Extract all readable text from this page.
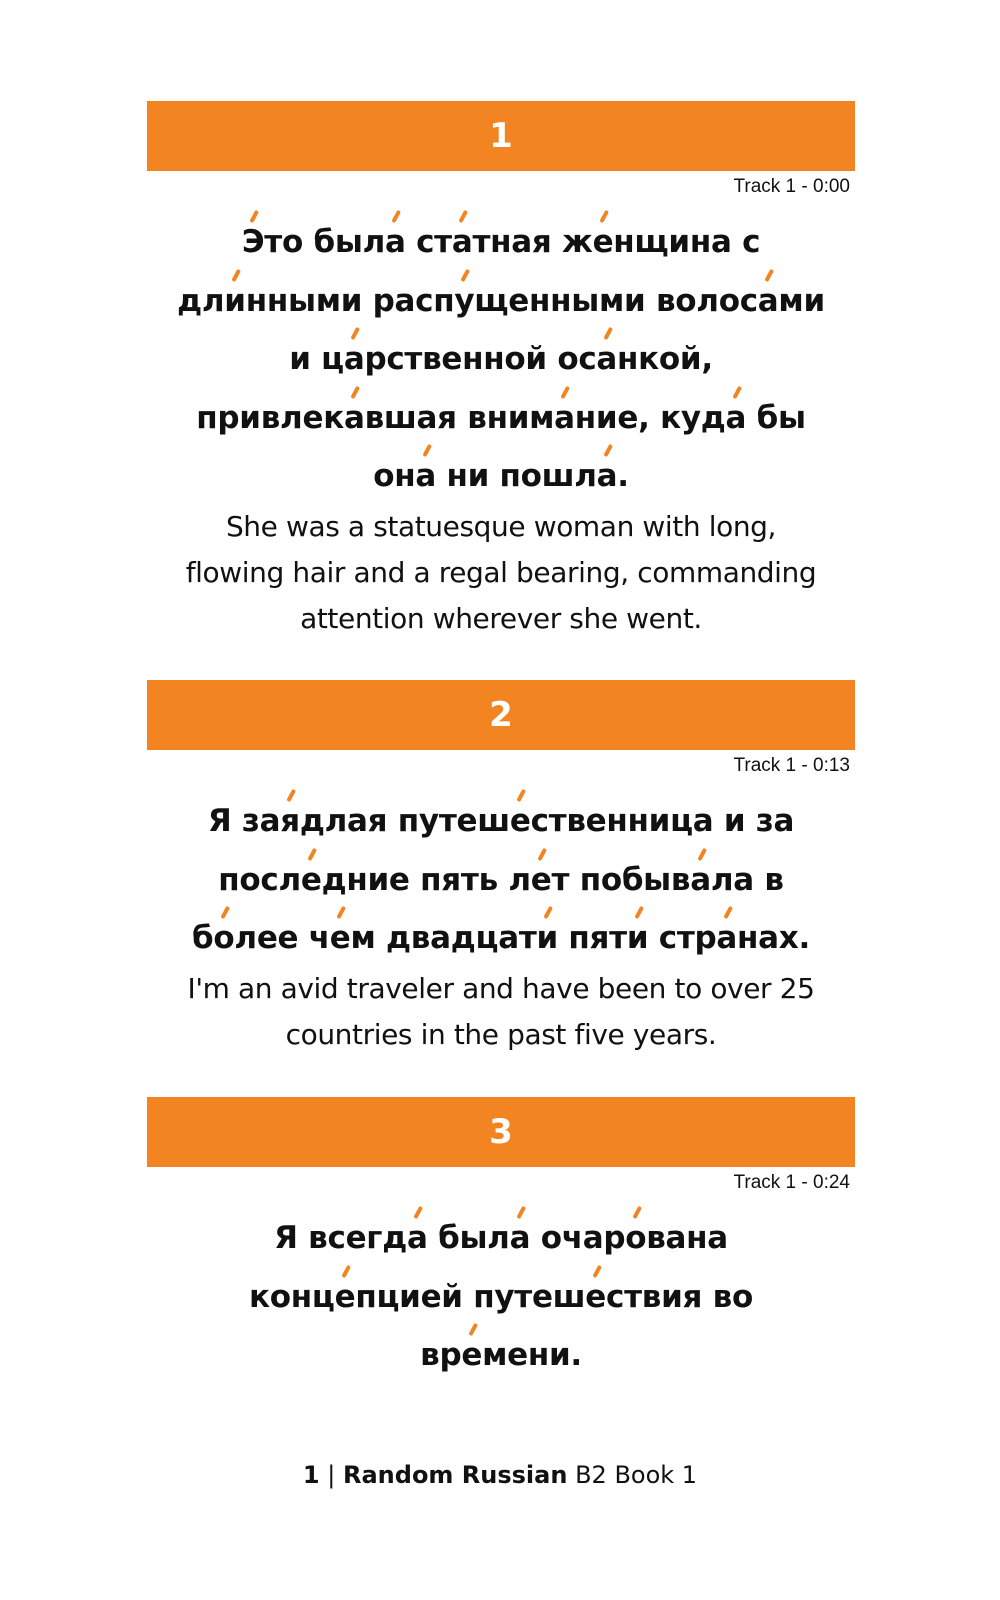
1
Track 1 - 0:00
Это была статная женщина с
длинными распущенными волосами
и царственной осанкой,
привлекавшая внимание, куда бы
она ни пошла.
She was a statuesque woman with long,
flowing hair and a regal bearing, commanding
attention wherever she went.
2
Track 1 - 0:13
Я заядлая путешественница и за
последние пять лет побывала в
более чем двадцати пяти странах.
I'm an avid traveler and have been to over 25
countries in the past five years.
3
Track 1 - 0:24
Я всегда была очарована
концепцией путешествия во
времени.
1 | Random Russian B2 Book 1
